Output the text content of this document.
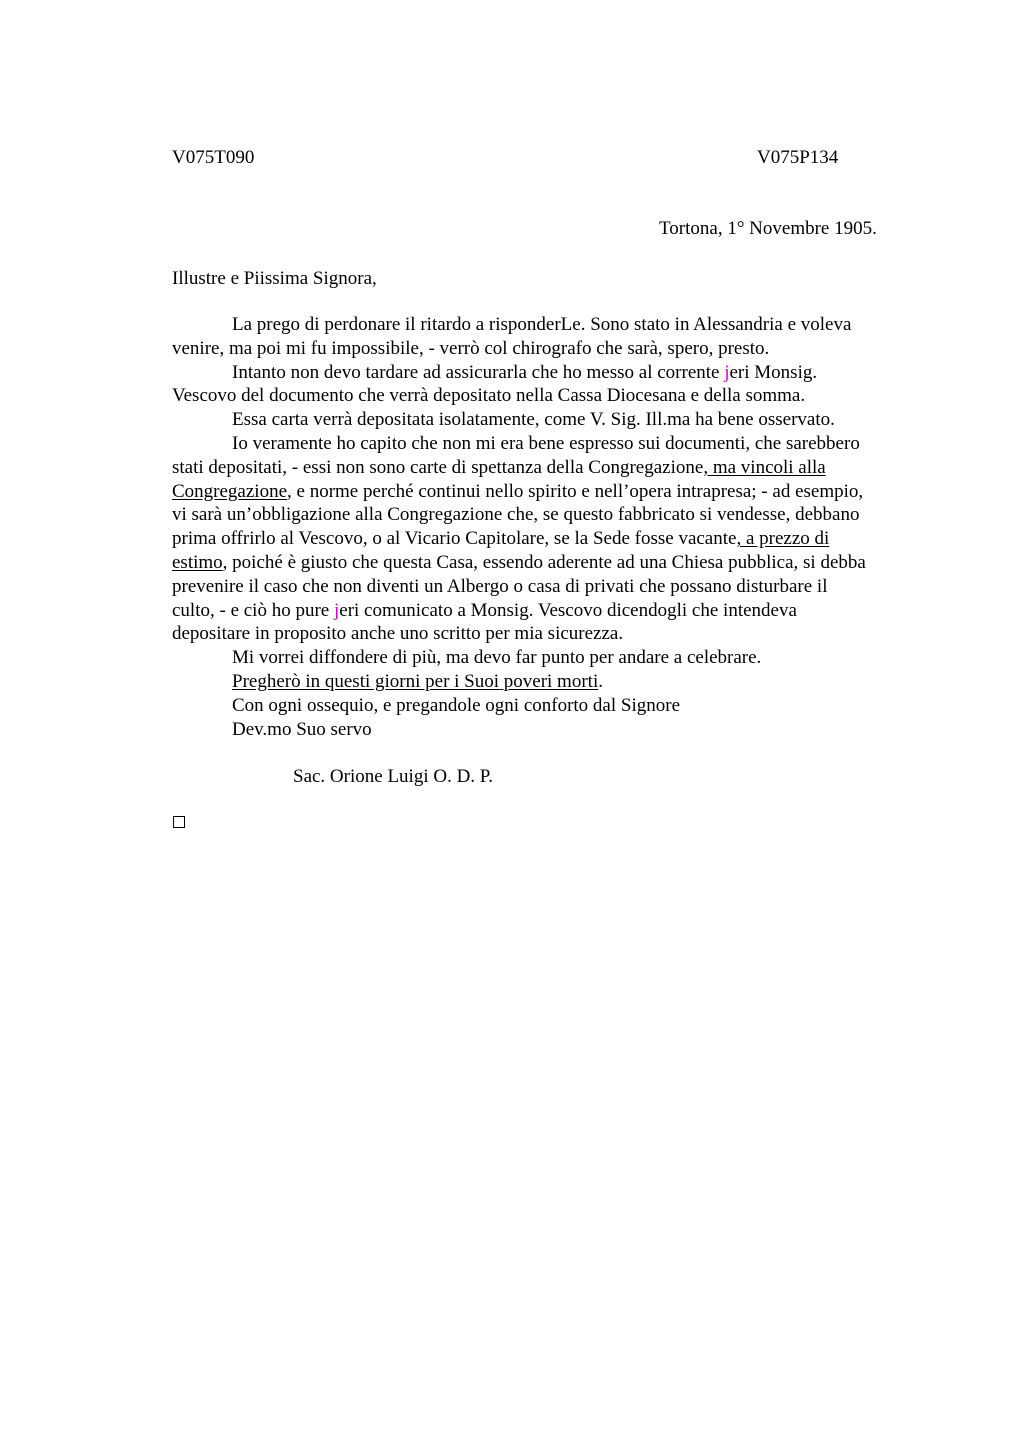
V075T090	V075P134
Tortona, 1° Novembre 1905.
Illustre e Piissima Signora,
La prego di perdonare il ritardo a risponderLe. Sono stato in Alessandria e voleva
venire, ma poi mi fu impossibile, - verrò col chirografo che sarà, spero, presto.
Intanto non devo tardare ad assicurarla che ho messo al corrente jeri Monsig.
Vescovo del documento che verrà depositato nella Cassa Diocesana e della somma.
Essa carta verrà depositata isolatamente, come V. Sig. Ill.ma ha bene osservato.
Io veramente ho capito che non mi era bene espresso sui documenti, che sarebbero
stati depositati, - essi non sono carte di spettanza della Congregazione, ma vincoli alla
Congregazione, e norme perché continui nello spirito e nell’opera intrapresa; - ad esempio,
vi sarà un’obbligazione alla Congregazione che, se questo fabbricato si vendesse, debbano
prima offrirlo al Vescovo, o al Vicario Capitolare, se la Sede fosse vacante, a prezzo di
estimo, poiché è giusto che questa Casa, essendo aderente ad una Chiesa pubblica, si debba
prevenire il caso che non diventi un Albergo o casa di privati che possano disturbare il
culto, - e ciò ho pure jeri comunicato a Monsig. Vescovo dicendogli che intendeva
depositare in proposito anche uno scritto per mia sicurezza.
Mi vorrei diffondere di più, ma devo far punto per andare a celebrare.
Pregherò in questi giorni per i Suoi poveri morti.
Con ogni ossequio, e pregandole ogni conforto dal Signore
Dev.mo Suo servo
Sac. Orione Luigi O. D. P.
